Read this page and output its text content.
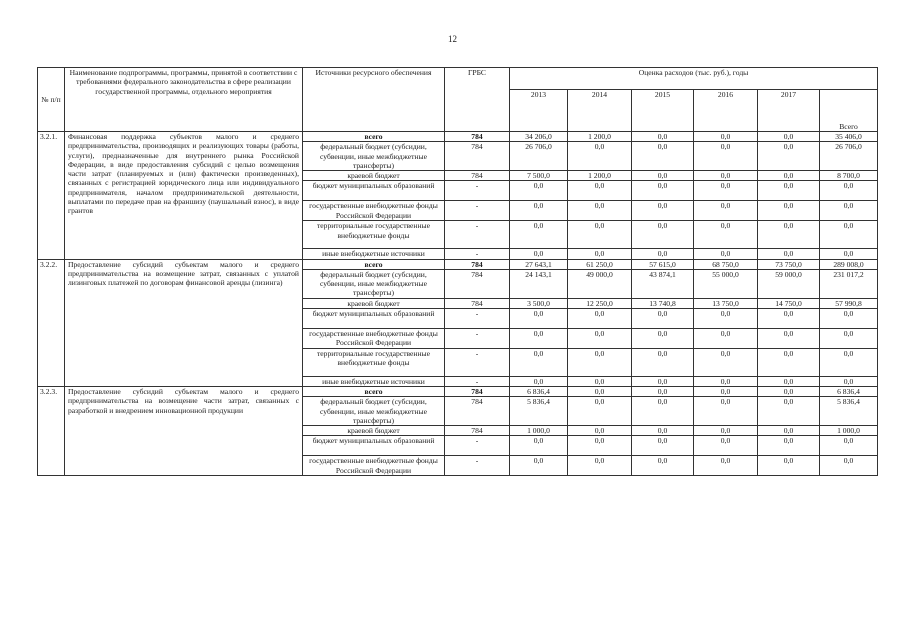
12
№ п/п	Наименование подпрограммы, программы, принятой в соответствии с требованиями федерального законодательства в сфере реализации государственной программы, отдельного мероприятия	Источники ресурсного обеспечения	ГРБС	Оценка расходов (тыс. руб.), годы					
				2013	2014	2015	2016	2017	Всего
3.2.1.	Финансовая поддержка субъектов малого и среднего предпринимательства, производящих и реализующих товары (работы, услуги), предназначенные для внутреннего рынка Российской Федерации, в виде предоставления субсидий с целью возмещения части затрат (планируемых и (или) фактически произведенных), связанных с регистрацией юридического лица или индивидуального предпринимателя, началом предпринимательской деятельности, выплатами по передаче прав на франшизу (паушальный взнос), в виде грантов	всего	784	34 206,0	1 200,0	0,0	0,0	0,0	35 406,0
		федеральный бюджет (субсидии, субвенции, иные межбюджетные трансферты)	784	26 706,0	0,0	0,0	0,0	0,0	26 706,0
		краевой бюджет	784	7 500,0	1 200,0	0,0	0,0	0,0	8 700,0
		бюджет муниципальных образований	-	0,0	0,0	0,0	0,0	0,0	0,0
		государственные внебюджетные фонды Российской Федерации	-	0,0	0,0	0,0	0,0	0,0	0,0
		территориальные государственные внебюджетные фонды	-	0,0	0,0	0,0	0,0	0,0	0,0
		иные внебюджетные источники	-	0,0	0,0	0,0	0,0	0,0	0,0
3.2.2.	Предоставление субсидий субъектам малого и среднего предпринимательства на возмещение затрат, связанных с уплатой лизинговых платежей по договорам финансовой аренды (лизинга)	всего	784	27 643,1	61 250,0	57 615,0	68 750,0	73 750,0	289 008,0
		федеральный бюджет (субсидии, субвенции, иные межбюджетные трансферты)	784	24 143,1	49 000,0	43 874,1	55 000,0	59 000,0	231 017,2
		краевой бюджет	784	3 500,0	12 250,0	13 740,8	13 750,0	14 750,0	57 990,8
		бюджет муниципальных образований	-	0,0	0,0	0,0	0,0	0,0	0,0
		государственные внебюджетные фонды Российской Федерации	-	0,0	0,0	0,0	0,0	0,0	0,0
		территориальные государственные внебюджетные фонды	-	0,0	0,0	0,0	0,0	0,0	0,0
		иные внебюджетные источники	-	0,0	0,0	0,0	0,0	0,0	0,0
3.2.3.	Предоставление субсидий субъектам малого и среднего предпринимательства на возмещение части затрат, связанных с разработкой и внедрением инновационной продукции	всего	784	6 836,4	0,0	0,0	0,0	0,0	6 836,4
		федеральный бюджет (субсидии, субвенции, иные межбюджетные трансферты)	784	5 836,4	0,0	0,0	0,0	0,0	5 836,4
		краевой бюджет	784	1 000,0	0,0	0,0	0,0	0,0	1 000,0
		бюджет муниципальных образований	-	0,0	0,0	0,0	0,0	0,0	0,0
		государственные внебюджетные фонды Российской Федерации	-	0,0	0,0	0,0	0,0	0,0	0,0
